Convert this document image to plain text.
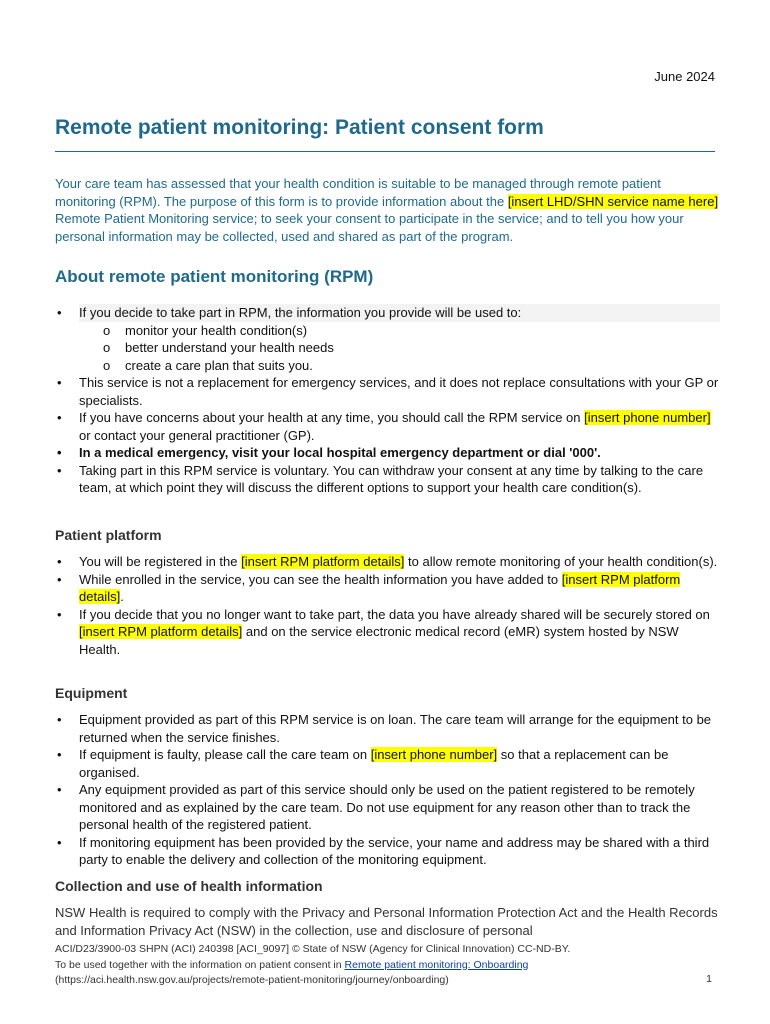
June 2024
Remote patient monitoring: Patient consent form

Your care team has assessed that your health condition is suitable to be managed through remote patient monitoring (RPM). The purpose of this form is to provide information about the [insert LHD/SHN service name here] Remote Patient Monitoring service; to seek your consent to participate in the service; and to tell you how your personal information may be collected, used and shared as part of the program.

About remote patient monitoring (RPM)
• If you decide to take part in RPM, the information you provide will be used to:
o monitor your health condition(s)
o better understand your health needs
o create a care plan that suits you.
• This service is not a replacement for emergency services, and it does not replace consultations with your GP or specialists.
• If you have concerns about your health at any time, you should call the RPM service on [insert phone number] or contact your general practitioner (GP).
• In a medical emergency, visit your local hospital emergency department or dial '000'.
• Taking part in this RPM service is voluntary. You can withdraw your consent at any time by talking to the care team, at which point they will discuss the different options to support your health care condition(s).
Patient platform
• You will be registered in the [insert RPM platform details] to allow remote monitoring of your health condition(s).
• While enrolled in the service, you can see the health information you have added to [insert RPM platform details].
• If you decide that you no longer want to take part, the data you have already shared will be securely stored on [insert RPM platform details] and on the service electronic medical record (eMR) system hosted by NSW Health.
Equipment
• Equipment provided as part of this RPM service is on loan. The care team will arrange for the equipment to be returned when the service finishes.
• If equipment is faulty, please call the care team on [insert phone number] so that a replacement can be organised.
• Any equipment provided as part of this service should only be used on the patient registered to be remotely monitored and as explained by the care team. Do not use equipment for any reason other than to track the personal health of the registered patient.
• If monitoring equipment has been provided by the service, your name and address may be shared with a third party to enable the delivery and collection of the monitoring equipment.
Collection and use of health information

NSW Health is required to comply with the Privacy and Personal Information Protection Act and the Health Records and Information Privacy Act (NSW) in the collection, use and disclosure of personal

ACI/D23/3900-03 SHPN (ACI) 240398 [ACI_9097] © State of NSW (Agency for Clinical Innovation) CC-ND-BY.
To be used together with the information on patient consent in Remote patient monitoring: Onboarding
(https://aci.health.nsw.gov.au/projects/remote-patient-monitoring/journey/onboarding)	1
